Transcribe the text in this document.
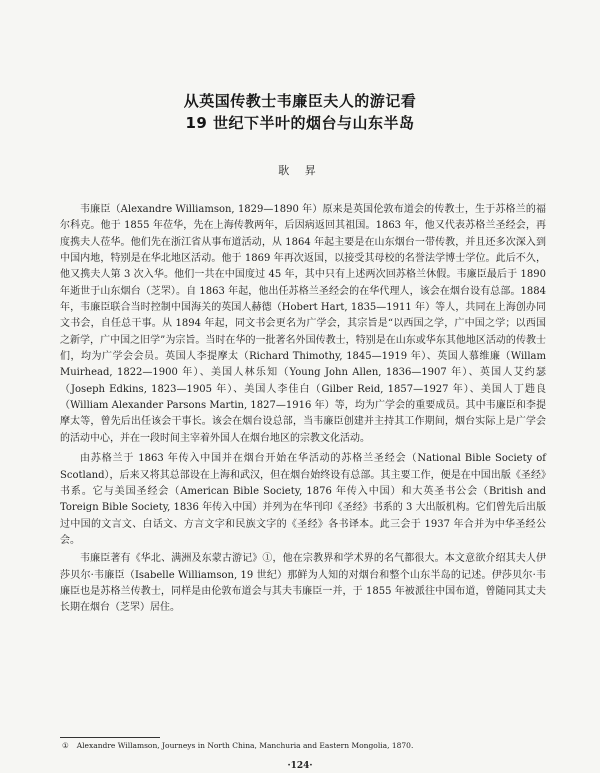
从英国传教士韦廉臣夫人的游记看
19 世纪下半叶的烟台与山东半岛
耿 昇

韦廉臣（Alexandre Williamson, 1829—1890 年）原来是英国伦敦布道会的传教士，生于苏格兰的福尔科克。他于 1855 年莅华，先在上海传教两年，后因病返回其祖国。1863 年，他又代表苏格兰圣经会，再度携夫人莅华。他们先在浙江省从事布道活动，从 1864 年起主要是在山东烟台一带传教，并且还多次深入到中国内地，特别是在华北地区活动。他于 1869 年再次返国，以接受其母校的名誉法学博士学位。此后不久，他又携夫人第 3 次入华。他们一共在中国度过 45 年，其中只有上述两次回苏格兰休假。韦廉臣最后于 1890 年逝世于山东烟台（芝罘）。自 1863 年起，他出任苏格兰圣经会的在华代理人，该会在烟台设有总部。1884 年，韦廉臣联合当时控制中国海关的英国人赫德（Hobert Hart, 1835—1911 年）等人，共同在上海创办同文书会，自任总干事。从 1894 年起，同文书会更名为广学会，其宗旨是“以西国之学，广中国之学；以西国之新学，广中国之旧学”为宗旨。当时在华的一批著名外国传教士，特别是在山东或华东其他地区活动的传教士们，均为广学会会员。英国人李提摩太（Richard Thimothy, 1845—1919 年）、英国人慕维廉（Willam Muirhead, 1822—1900 年）、美国人林乐知（Young John Allen, 1836—1907 年）、英国人艾约瑟（Joseph Edkins, 1823—1905 年）、美国人李佳白（Gilber Reid, 1857—1927 年）、美国人丁韪良（William Alexander Parsons Martin, 1827—1916 年）等，均为广学会的重要成员。其中韦廉臣和李提摩太等，曾先后出任该会干事长。该会在烟台设总部，当韦廉臣创建并主持其工作期间，烟台实际上是广学会的活动中心，并在一段时间主宰着外国人在烟台地区的宗教文化活动。

由苏格兰于 1863 年传入中国并在烟台开始在华活动的苏格兰圣经会（National Bible Society of Scotland），后来又将其总部设在上海和武汉，但在烟台始终设有总部。其主要工作，便是在中国出版《圣经》书系。它与美国圣经会（American Bible Society, 1876 年传入中国）和大英圣书公会（British and Toreign Bible Society, 1836 年传入中国）并列为在华刊印《圣经》书系的 3 大出版机构。它们曾先后出版过中国的文言文、白话文、方言文字和民族文字的《圣经》各书译本。此三会于 1937 年合并为中华圣经公会。

韦廉臣著有《华北、满洲及东蒙古游记》①，他在宗教界和学术界的名气都很大。本文意欲介绍其夫人伊莎贝尔·韦廉臣（Isabelle Williamson, 19 世纪）那鲜为人知的对烟台和整个山东半岛的记述。伊莎贝尔·韦廉臣也是苏格兰传教士，同样是由伦敦布道会与其夫韦廉臣一并，于 1855 年被派往中国布道，曾随同其丈夫长期在烟台（芝罘）居住。

① Alexandre Willamson, Journeys in North China, Manchuria and Eastern Mongolia, 1870.
·124·
